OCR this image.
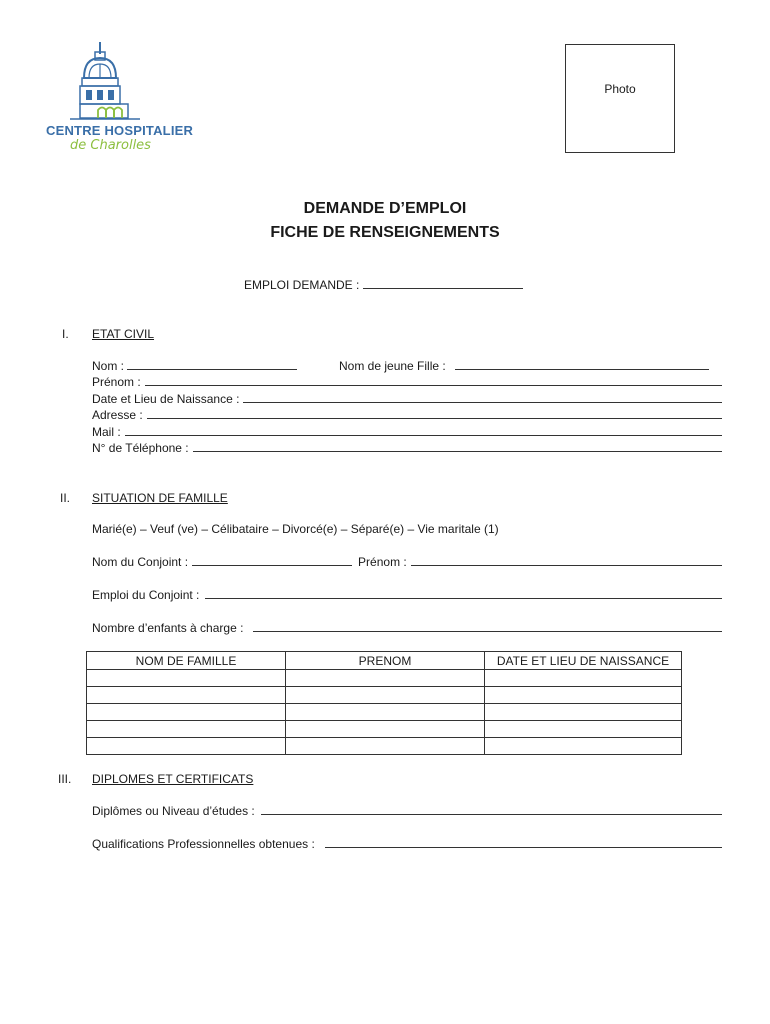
CENTRE HOSPITALIER
de Charolles
Photo
DEMANDE D’EMPLOI
FICHE DE RENSEIGNEMENTS
EMPLOI DEMANDE :
I. ETAT CIVIL
Nom :	Nom de jeune Fille :
Prénom :
Date et Lieu de Naissance :
Adresse :
Mail :
N° de Téléphone :
II. SITUATION DE FAMILLE
Marié(e) – Veuf (ve) – Célibataire – Divorcé(e) – Séparé(e) – Vie maritale (1)
Nom du Conjoint :	Prénom :
Emploi du Conjoint :
Nombre d’enfants à charge :
NOM DE FAMILLE	PRENOM	DATE ET LIEU DE NAISSANCE

III. DIPLOMES ET CERTIFICATS
Diplômes ou Niveau d’études :
Qualifications Professionnelles obtenues :
